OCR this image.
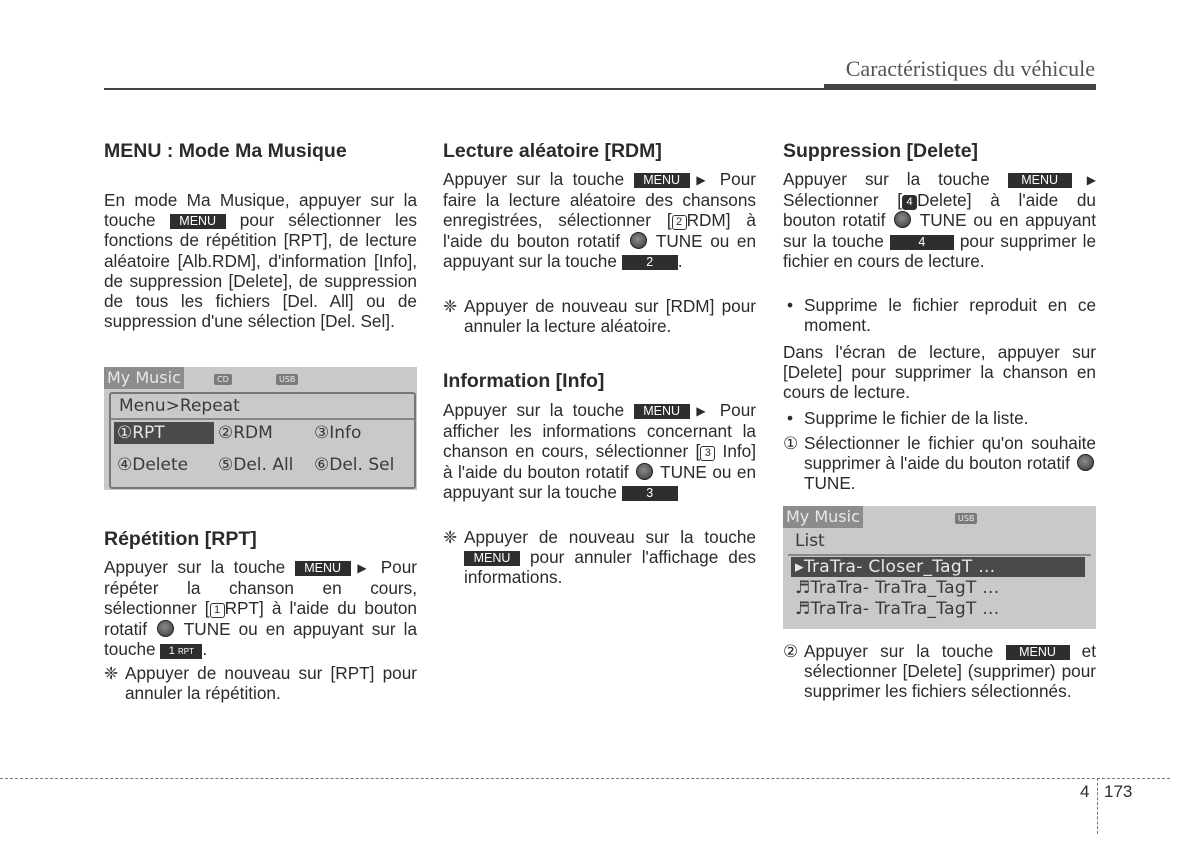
Caractéristiques du véhicule
MENU : Mode Ma Musique
En mode Ma Musique, appuyer sur la touche MENU pour sélectionner les fonctions de répétition [RPT], de lecture aléatoire [Alb.RDM], d'information [Info], de suppression [Delete], de suppression de tous les fichiers [Del. All] ou de suppression d'une sélection [Del. Sel].
My Music	CD	USB
Menu>Repeat
①RPT	②RDM ③Info
④Delete ⑤Del. All ⑥Del. Sel
Répétition [RPT]
Appuyer sur la touche MENU ▶ Pour répéter la chanson en cours, sélectionner [ 1 RPT] à l'aide du bouton rotatif TUNE ou en appuyant sur la touche 1 RPT .
❈ Appuyer de nouveau sur [RPT] pour annuler la répétition.
Lecture aléatoire [RDM]
Appuyer sur la touche MENU ▶ Pour faire la lecture aléatoire des chansons enregistrées, sélectionner [ 2 RDM] à l'aide du bouton rotatif TUNE ou en appuyant sur la touche 2 .
❈ Appuyer de nouveau sur [RDM] pour annuler la lecture aléatoire.
Information [Info]
Appuyer sur la touche MENU ▶ Pour afficher les informations concernant la chanson en cours, sélectionner [ 3 Info] à l'aide du bouton rotatif TUNE ou en appuyant sur la touche 3
❈ Appuyer de nouveau sur la touche MENU pour annuler l'affichage des informations.
Suppression [Delete]
Appuyer sur la touche	MENU ▶ Sélectionner [ 4 Delete] à l'aide du bouton rotatif TUNE ou en appuyant sur la touche	4 pour supprimer le fichier en cours de lecture.
• Supprime le fichier reproduit en ce moment.
Dans l'écran de lecture, appuyer sur [Delete] pour supprimer la chanson en cours de lecture.
• Supprime le fichier de la liste.
① Sélectionner le fichier qu'on souhaite supprimer à l'aide du bouton rotatif  TUNE.
My Music	USB
List
▸TraTra- Closer_TagT ...
♬TraTra- TraTra_TagT ...
♬TraTra- TraTra_TagT ...
② Appuyer sur la touche MENU et sélectionner [Delete] (supprimer) pour supprimer les fichiers sélectionnés.
4 173
